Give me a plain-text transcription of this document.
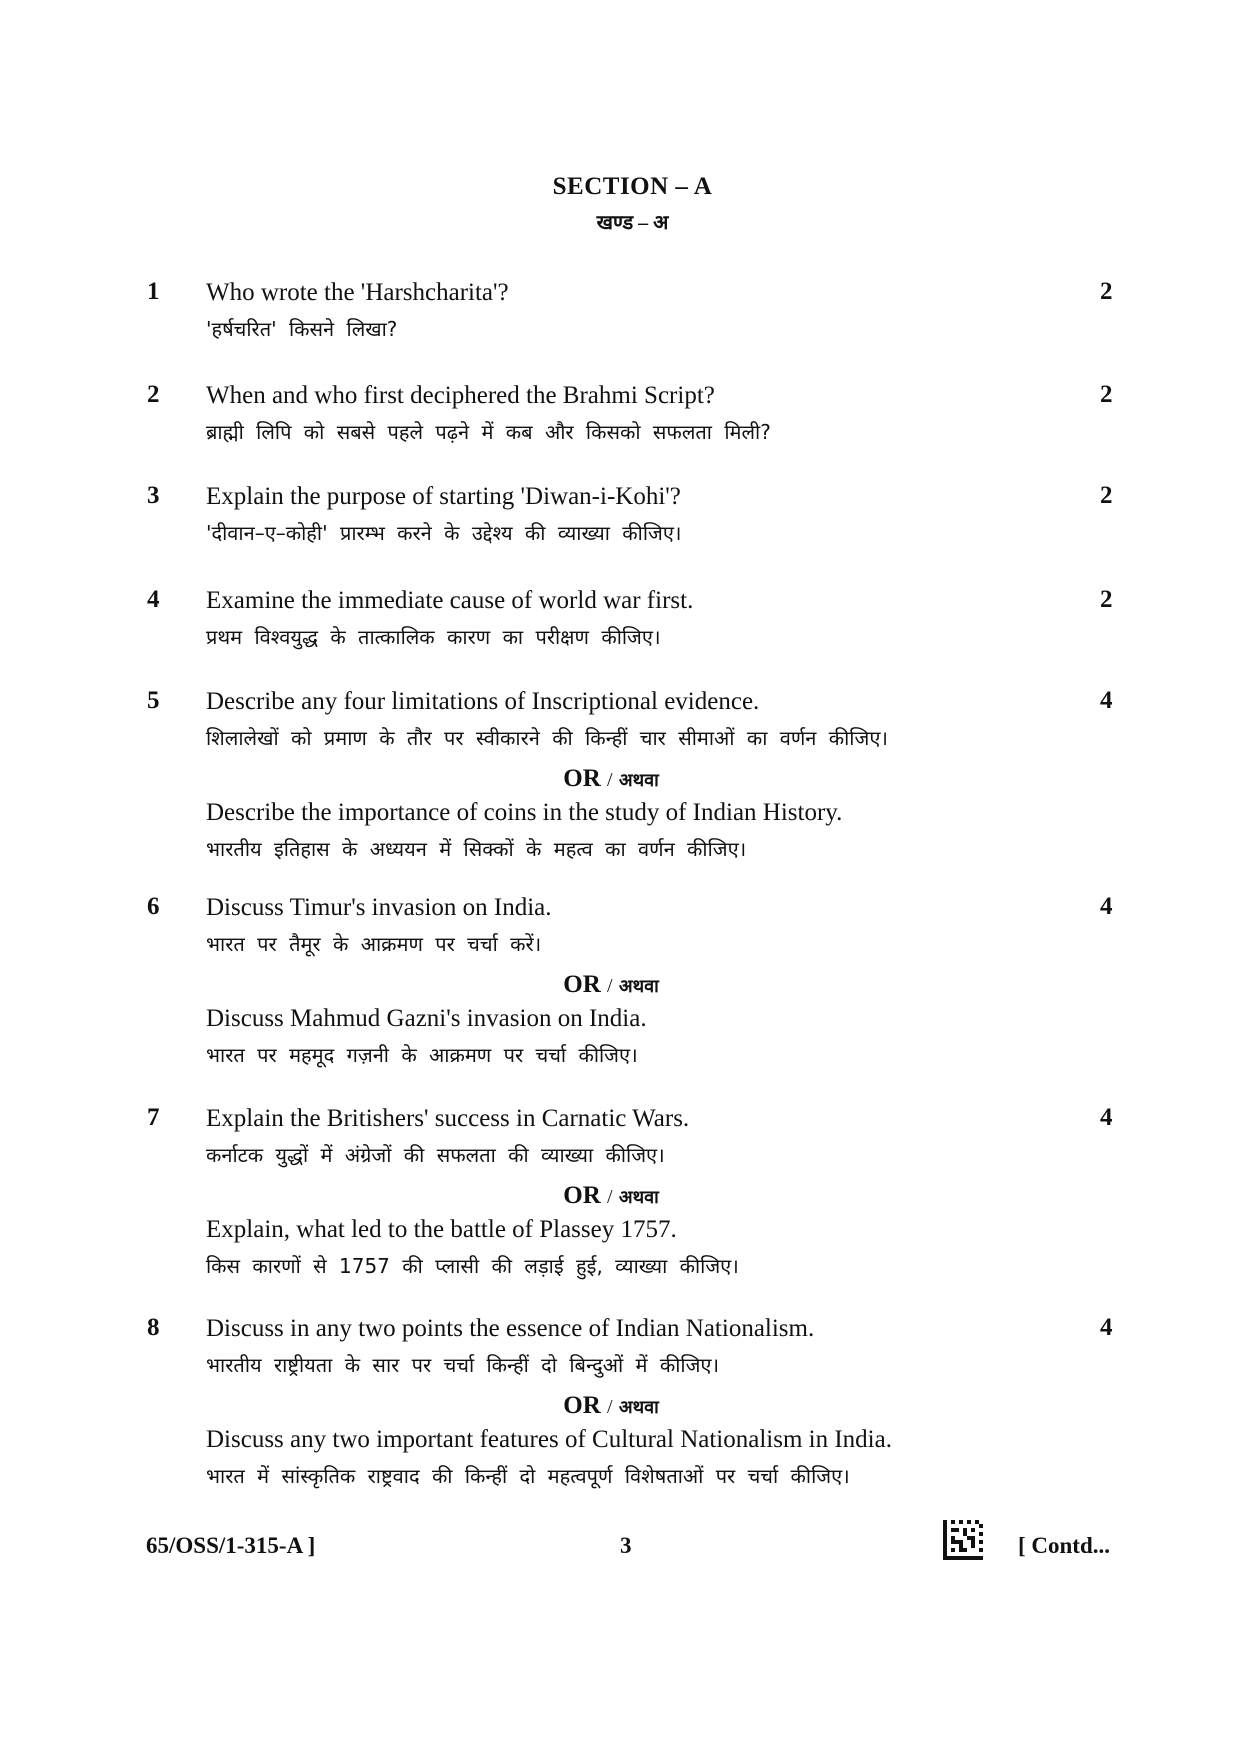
SECTION – A
खण्ड – अ
1 Who wrote the 'Harshcharita'?
'हर्षचरित' किसने लिखा?
2
2 When and who first deciphered the Brahmi Script?
ब्राह्मी लिपि को सबसे पहले पढ़ने में कब और किसको सफलता मिली?
2
3 Explain the purpose of starting 'Diwan-i-Kohi'?
'दीवान–ए–कोही' प्रारम्भ करने के उद्देश्य की व्याख्या कीजिए।
2
4 Examine the immediate cause of world war first.
प्रथम विश्वयुद्ध के तात्कालिक कारण का परीक्षण कीजिए।
2
5 Describe any four limitations of Inscriptional evidence.
शिलालेखों को प्रमाण के तौर पर स्वीकारने की किन्हीं चार सीमाओं का वर्णन कीजिए।
OR / अथवा
Describe the importance of coins in the study of Indian History.
भारतीय इतिहास के अध्ययन में सिक्कों के महत्व का वर्णन कीजिए।
4
6 Discuss Timur's invasion on India.
भारत पर तैमूर के आक्रमण पर चर्चा करें।
OR / अथवा
Discuss Mahmud Gazni's invasion on India.
भारत पर महमूद गज़नी के आक्रमण पर चर्चा कीजिए।
4
7 Explain the Britishers' success in Carnatic Wars.
कर्नाटक युद्धों में अंग्रेजों की सफलता की व्याख्या कीजिए।
OR / अथवा
Explain, what led to the battle of Plassey 1757.
किस कारणों से 1757 की प्लासी की लड़ाई हुई, व्याख्या कीजिए।
4
8 Discuss in any two points the essence of Indian Nationalism.
भारतीय राष्ट्रीयता के सार पर चर्चा किन्हीं दो बिन्दुओं में कीजिए।
OR / अथवा
Discuss any two important features of Cultural Nationalism in India.
भारत में सांस्कृतिक राष्ट्रवाद की किन्हीं दो महत्वपूर्ण विशेषताओं पर चर्चा कीजिए।
4
65/OSS/1-315-A ]	3	[ Contd...
